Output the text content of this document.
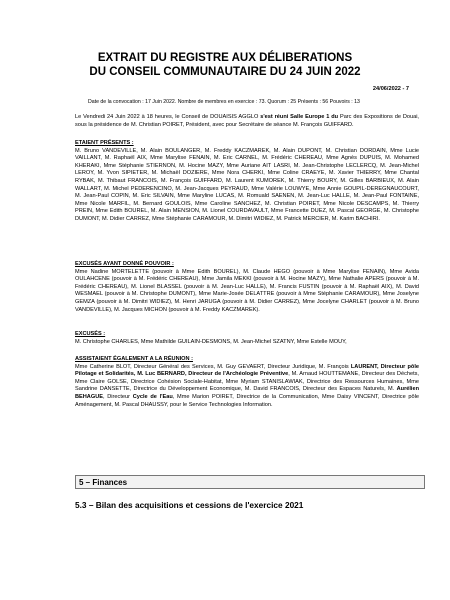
EXTRAIT DU REGISTRE AUX DÉLIBERATIONS
DU CONSEIL COMMUNAUTAIRE DU 24 JUIN 2022
24/06/2022 - 7
Date de la convocation : 17 Juin 2022. Nombre de membres en exercice : 73. Quorum : 25 Présents : 56 Pouvoirs : 13
Le Vendredi 24 Juin 2022 à 18 heures, le Conseil de DOUAISIS AGGLO s'est réuni Salle Europe 1 du Parc des Expositions de Douai, sous la présidence de M. Christian POIRET, Président, avec pour Secrétaire de séance M. François GUIFFARD.
ETAIENT PRÉSENTS :
M. Bruno VANDEVILLE, M. Alain BOULANGER, M. Freddy KACZMAREK, M. Alain DUPONT, M. Christian DORDAIN, Mme Lucie VAILLANT, M. Raphaël AIX, Mme Marylise FENAIN, M. Eric CARNEL, M. Frédéric CHEREAU, Mme Agnès DUPUIS, M. Mohamed KHERAKI, Mme Stéphanie STIERNON, M. Hocine MAZY, Mme Auriane AIT LASRI, M. Jean-Christophe LECLERCQ, M. Jean-Michel LEROY, M. Yvon SIPIETER, M. Michaël DOZIERE, Mme Nora CHERKI, Mme Coline CRAEYE, M. Xavier THIERRY, Mme Chantal RYBAK, M. Thibaut FRANCOIS, M. François GUIFFARD, M. Laurent KUMOREK, M. Thierry BOURY, M. Gilles BARBIEUX, M. Alain WALLART, M. Michel PEDERENCINO, M. Jean-Jacques PEYRAUD, Mme Valérie LOUWYE, Mme Annie GOUPIL-DEREGNAUCOURT, M. Jean-Paul COPIN, M. Eric SILVAIN, Mme Maryline LUCAS, M. Romuald SAENEN, M. Jean-Luc HALLE, M. Jean-Paul FONTAINE, Mme Nicole MARFIL, M. Bernard GOULOIS, Mme Caroline SANCHEZ, M. Christian POIRET, Mme Nicole DESCAMPS, M. Thierry PREIN, Mme Edith BOUREL, M. Alain MENSION, M. Lionel COURDAVAULT, Mme Francette DUEZ, M. Pascal GEORGE, M. Christophe DUMONT, M. Didier CARREZ, Mme Stéphanie CARAMOUR, M. Dimitri WIDIEZ, M. Patrick MERCIER, M. Karim BACHIRI.
EXCUSÉS AYANT DONNÉ POUVOIR :
Mme Nadine MORTELETTE (pouvoir à Mme Edith BOUREL), M. Claude HEGO (pouvoir à Mme Marylise FENAIN), Mme Avida OULAHCENE (pouvoir à M. Frédéric CHEREAU), Mme Jamila MEKKI (pouvoir à M. Hocine MAZY), Mme Nathalie APERS (pouvoir à M. Frédéric CHEREAU), M. Lionel BLASSEL (pouvoir à M. Jean-Luc HALLE), M. Francis FUSTIN (pouvoir à M. Raphaël AIX), M. David WESMAEL (pouvoir à M. Christophe DUMONT), Mme Marie-Josée DELATTRE (pouvoir à Mme Stéphanie CARAMOUR), Mme Joselyne GEMZA (pouvoir à M. Dimitri WIDIEZ), M. Henri JARUGA (pouvoir à M. Didier CARREZ), Mme Jocelyne CHARLET (pouvoir à M. Bruno VANDEVILLE), M. Jacques MICHON (pouvoir à M. Freddy KACZMAREK).
EXCUSÉS :
M. Christophe CHARLES, Mme Mathilde GUILAIN-DESMONS, M. Jean-Michel SZATNY, Mme Estelle MOUY,
ASSISTAIENT ÉGALEMENT A LA RÉUNION :
Mme Catherine BLOT, Directeur Général des Services, M. Guy GEVAERT, Directeur Juridique, M. François LAURENT, Directeur pôle Pilotage et Solidarités, M. Luc BERNARD, Directeur de l'Archéologie Préventive, M. Arnaud HOUTTEMANE, Directeur des Déchets, Mme Claire GOLSE, Directrice Cohésion Sociale-Habitat, Mme Myriam STANISLAWIAK, Directrice des Ressources Humaines, Mme Sandrine DANSETTE, Directrice du Développement Economique, M. David FRANCOIS, Directeur des Espaces Naturels, M. Aurélien BEHAGUE, Directeur Cycle de l'Eau, Mme Marion POIRET, Directrice de la Communication, Mme Daisy VINCENT, Directrice pôle Aménagement, M. Pascal DHAUSSY, pour le Service Technologies Information.
5 – Finances
5.3 – Bilan des acquisitions et cessions de l'exercice 2021
